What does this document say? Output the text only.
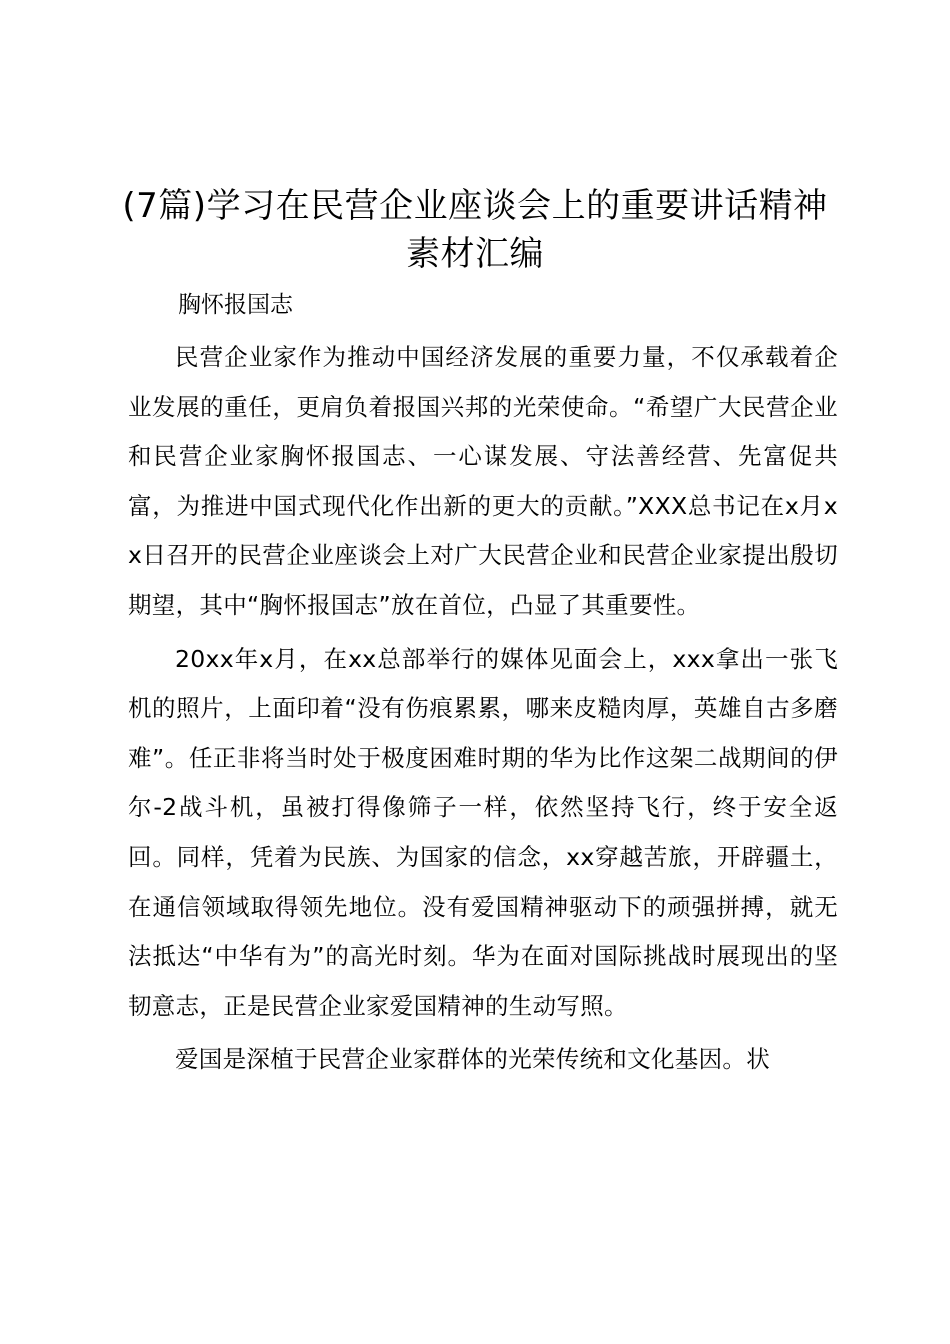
(7篇)学习在民营企业座谈会上的重要讲话精神素材汇编

胸怀报国志

民营企业家作为推动中国经济发展的重要力量，不仅承载着企业发展的重任，更肩负着报国兴邦的光荣使命。“希望广大民营企业和民营企业家胸怀报国志、一心谋发展、守法善经营、先富促共富，为推进中国式现代化作出新的更大的贡献。”XXX总书记在x月xx日召开的民营企业座谈会上对广大民营企业和民营企业家提出殷切期望，其中“胸怀报国志”放在首位，凸显了其重要性。

20xx年x月，在xx总部举行的媒体见面会上，xxx拿出一张飞机的照片，上面印着“没有伤痕累累，哪来皮糙肉厚，英雄自古多磨难”。任正非将当时处于极度困难时期的华为比作这架二战期间的伊尔-2战斗机，虽被打得像筛子一样，依然坚持飞行，终于安全返回。同样，凭着为民族、为国家的信念，xx穿越苦旅，开辟疆土，在通信领域取得领先地位。没有爱国精神驱动下的顽强拼搏，就无法抵达“中华有为”的高光时刻。华为在面对国际挑战时展现出的坚韧意志，正是民营企业家爱国精神的生动写照。

爱国是深植于民营企业家群体的光荣传统和文化基因。状
